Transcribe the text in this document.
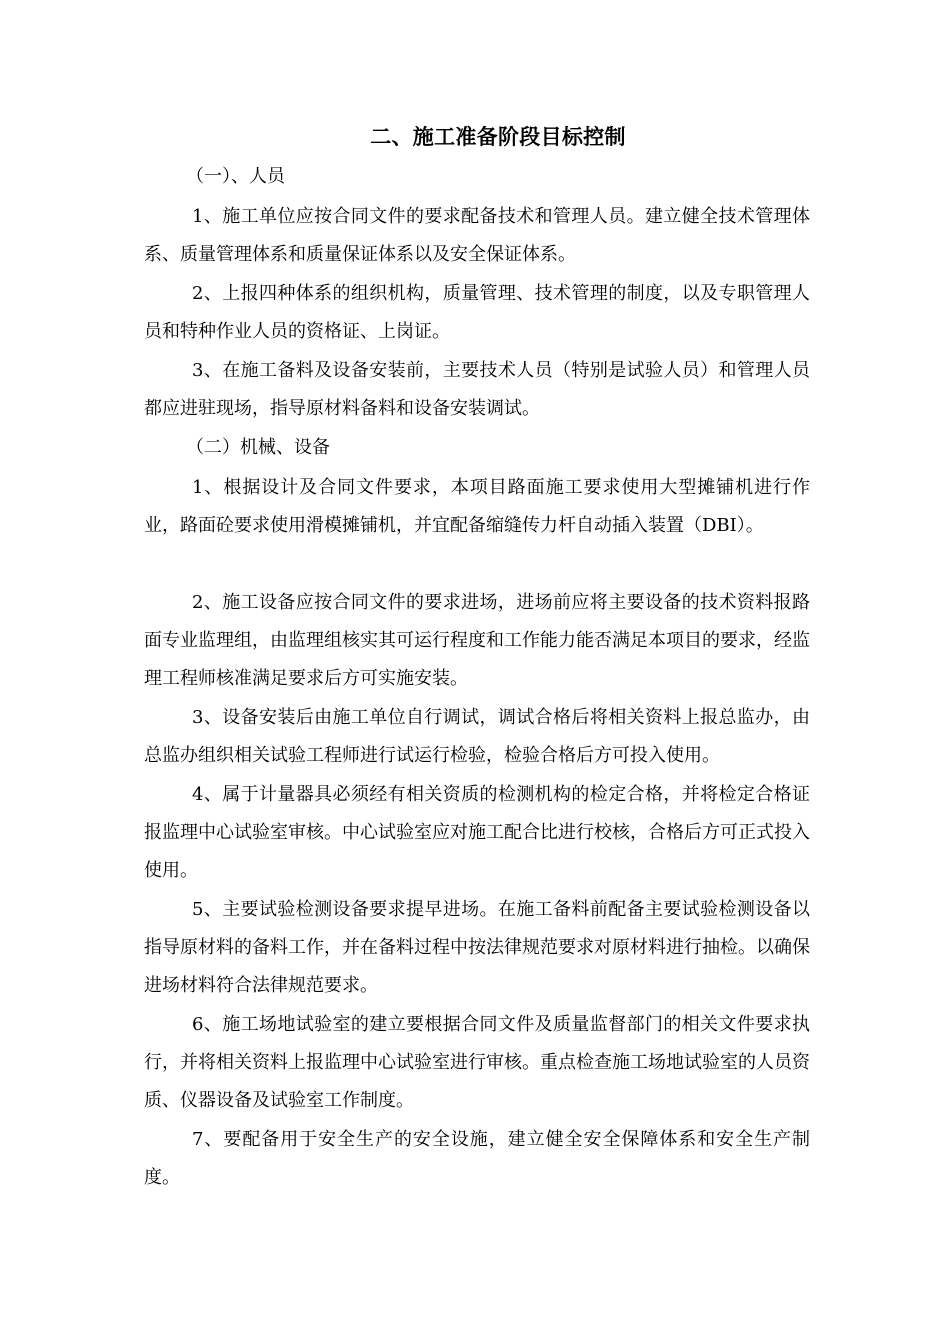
二、施工准备阶段目标控制

（一）、人员

1、施工单位应按合同文件的要求配备技术和管理人员。建立健全技术管理体系、质量管理体系和质量保证体系以及安全保证体系。

2、上报四种体系的组织机构，质量管理、技术管理的制度，以及专职管理人员和特种作业人员的资格证、上岗证。

3、在施工备料及设备安装前，主要技术人员（特别是试验人员）和管理人员都应进驻现场，指导原材料备料和设备安装调试。

（二）机械、设备

1、根据设计及合同文件要求，本项目路面施工要求使用大型摊铺机进行作业，路面砼要求使用滑模摊铺机，并宜配备缩缝传力杆自动插入装置（DBI）。

2、施工设备应按合同文件的要求进场，进场前应将主要设备的技术资料报路面专业监理组，由监理组核实其可运行程度和工作能力能否满足本项目的要求，经监理工程师核准满足要求后方可实施安装。

3、设备安装后由施工单位自行调试，调试合格后将相关资料上报总监办，由总监办组织相关试验工程师进行试运行检验，检验合格后方可投入使用。

4、属于计量器具必须经有相关资质的检测机构的检定合格，并将检定合格证报监理中心试验室审核。中心试验室应对施工配合比进行校核，合格后方可正式投入使用。

5、主要试验检测设备要求提早进场。在施工备料前配备主要试验检测设备以指导原材料的备料工作，并在备料过程中按法律规范要求对原材料进行抽检。以确保进场材料符合法律规范要求。

6、施工场地试验室的建立要根据合同文件及质量监督部门的相关文件要求执行，并将相关资料上报监理中心试验室进行审核。重点检查施工场地试验室的人员资质、仪器设备及试验室工作制度。

7、要配备用于安全生产的安全设施，建立健全安全保障体系和安全生产制度。
